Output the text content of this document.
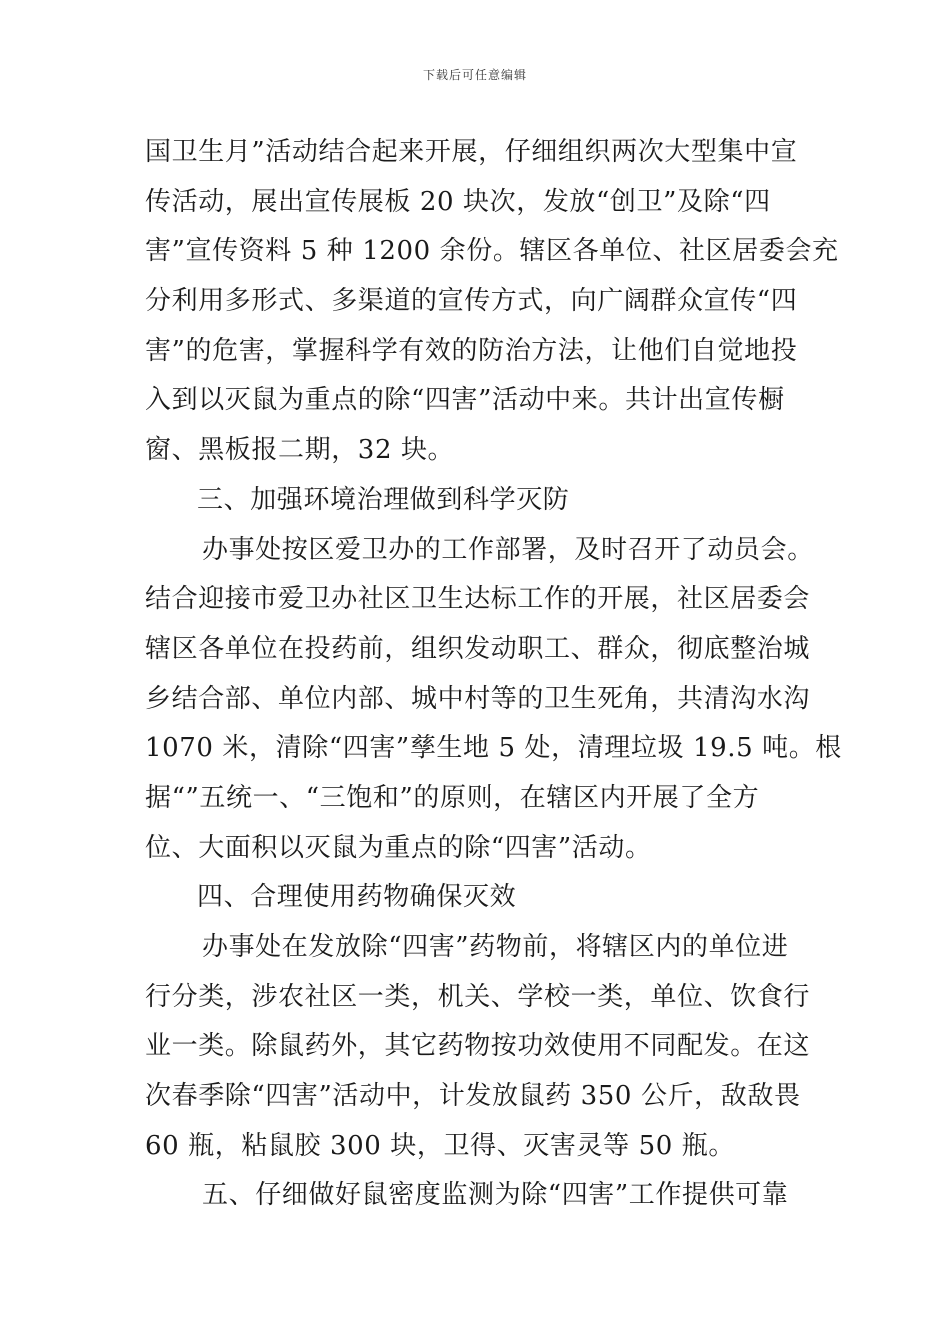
下载后可任意编辑
国卫生月”活动结合起来开展，仔细组织两次大型集中宣
传活动，展出宣传展板 20 块次，发放“创卫”及除“四
害”宣传资料 5 种 1200 余份。辖区各单位、社区居委会充
分利用多形式、多渠道的宣传方式，向广阔群众宣传“四
害”的危害，掌握科学有效的防治方法，让他们自觉地投
入到以灭鼠为重点的除“四害”活动中来。共计出宣传橱
窗、黑板报二期，32 块。
三、加强环境治理做到科学灭防
办事处按区爱卫办的工作部署，及时召开了动员会。
结合迎接市爱卫办社区卫生达标工作的开展，社区居委会
辖区各单位在投药前，组织发动职工、群众，彻底整治城
乡结合部、单位内部、城中村等的卫生死角，共清沟水沟
1070 米，清除“四害”孳生地 5 处，清理垃圾 19.5 吨。根
据“”五统一、“三饱和”的原则，在辖区内开展了全方
位、大面积以灭鼠为重点的除“四害”活动。
四、合理使用药物确保灭效
办事处在发放除“四害”药物前，将辖区内的单位进
行分类，涉农社区一类，机关、学校一类，单位、饮食行
业一类。除鼠药外，其它药物按功效使用不同配发。在这
次春季除“四害”活动中，计发放鼠药 350 公斤，敌敌畏
60 瓶，粘鼠胶 300 块，卫得、灭害灵等 50 瓶。
五、仔细做好鼠密度监测为除“四害”工作提供可靠
